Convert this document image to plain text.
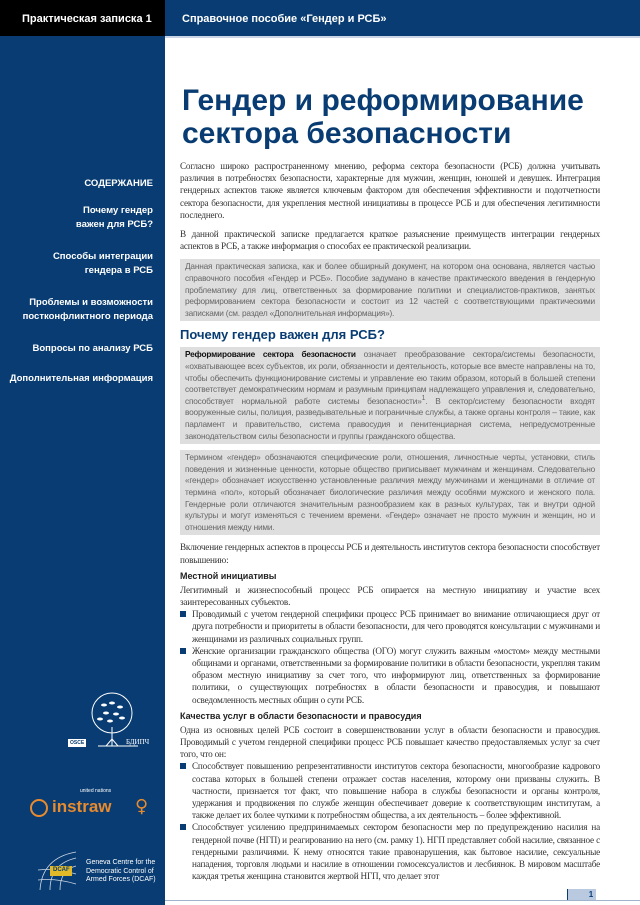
Практическая записка 1	Справочное пособие «Гендер и РСБ»
СОДЕРЖАНИЕ
Почему гендер
важен для РСБ?
Способы интеграции
гендера в РСБ
Проблемы и возможности
постконфликтного периода
Вопросы по анализу РСБ
Дополнительная информация
OSCE	БДИПЧ
united nations
instraw ♀
DCAF
Geneva Centre for the Democratic Control of Armed Forces (DCAF)
Гендер и реформирование
сектора безопасности

Согласно широко распространенному мнению, реформа сектора безопасности (РСБ) должна учитывать различия в потребностях безопасности, характерные для мужчин, женщин, юношей и девушек. Интеграция гендерных аспектов также является ключевым фактором для обеспечения эффективности и подотчетности сектора безопасности, для укрепления местной инициативы в процессе РСБ и для обеспечения легитимности последнего.

В данной практической записке предлагается краткое разъяснение преимуществ интеграции гендерных аспектов в РСБ, а также информация о способах ее практической реализации.

Данная практическая записка, как и более обширный документ, на котором она основана, является частью справочного пособия «Гендер и РСБ». Пособие задумано в качестве практического введения в гендерную проблематику для лиц, ответственных за формирование политики и специалистов-практиков, занятых реформированием сектора безопасности и состоит из 12 частей с соответствующими практическими записками (см. раздел «Дополнительная информация»).
Почему гендер важен для РСБ?
Реформирование сектора безопасности означает преобразование сектора/системы безопасности, «охватывающее всех субъектов, их роли, обязанности и деятельность, которые все вместе направлены на то, чтобы обеспечить функционирование системы и управление ею таким образом, который в большей степени соответствует демократическим нормам и разумным принципам надлежащего управления и, следовательно, способствует нормальной работе системы безопасности»$^1$. В сектор/систему безопасности входят вооруженные силы, полиция, разведывательные и пограничные службы, а также органы контроля – такие, как парламент и правительство, система правосудия и пенитенциарная система, непредусмотренные законодательством силы безопасности и группы гражданского общества.
Термином «гендер» обозначаются специфические роли, отношения, личностные черты, установки, стиль поведения и жизненные ценности, которые общество приписывает мужчинам и женщинам. Следовательно «гендер» обозначает искусственно установленные различия между мужчинами и женщинами в отличие от термина «пол», который обозначает биологические различия между особями мужского и женского пола. Гендерные роли отличаются значительным разнообразием как в разных культурах, так и внутри одной культуры и могут изменяться с течением времени. «Гендер» означает не просто мужчин и женщин, но и отношения между ними.

Включение гендерных аспектов в процессы РСБ и деятельность институтов сектора безопасности способствует повышению:

Местной инициативы
Легитимный и жизнеспособный процесс РСБ опирается на местную инициативу и участие всех заинтересованных субъектов.
Проводимый с учетом гендерной специфики процесс РСБ принимает во внимание отличающиеся друг от друга потребности и приоритеты в области безопасности, для чего проводятся консультации с мужчинами и женщинами из различных социальных групп.
Женские организации гражданского общества (ОГО) могут служить важным «мостом» между местными общинами и органами, ответственными за формирование политики в области безопасности, укрепляя таким образом местную инициативу за счет того, что информируют лиц, ответственных за формирование политики, о существующих потребностях в области безопасности и правосудия, и повышают осведомленность местных общин о сути РСБ.
Качества услуг в области безопасности и правосудия
Одна из основных целей РСБ состоит в совершенствовании услуг в области безопасности и правосудия. Проводимый с учетом гендерной специфики процесс РСБ повышает качество предоставляемых услуг за счет того, что он:
Способствует повышению репрезентативности институтов сектора безопасности, многообразие кадрового состава которых в большей степени отражает состав населения, которому они призваны служить. В частности, признается тот факт, что повышение набора в службы безопасности и органы контроля, удержания и продвижения по службе женщин обеспечивает доверие к соответствующим институтам, а также делает их более чуткими к потребностям общества, а их деятельность – более эффективной.
Способствует усилению предпринимаемых сектором безопасности мер по предупреждению насилия на гендерной почве (НГП) и реагированию на него (см. рамку 1). НГП представляет собой насилие, связанное с гендерными различиями. К нему относятся такие правонарушения, как бытовое насилие, сексуальные нападения, торговля людьми и насилие в отношении гомосексуалистов и лесбиянок. В мировом масштабе каждая третья женщина становится жертвой НГП, что делает этот
1
